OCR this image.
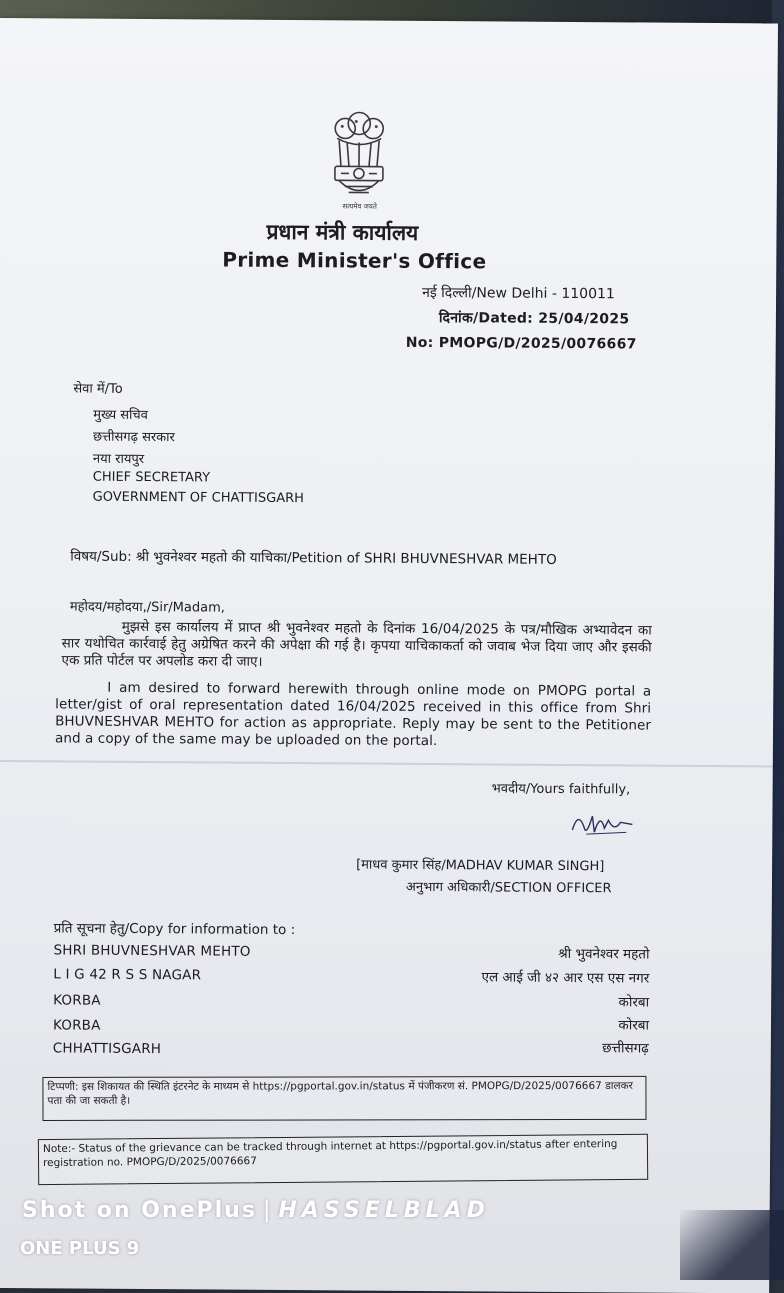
सत्यमेव जयते
प्रधान मंत्री कार्यालय
Prime Minister's Office
नई दिल्ली/New Delhi - 110011
दिनांक/Dated: 25/04/2025
No: PMOPG/D/2025/0076667
सेवा में/To
मुख्य सचिव
छत्तीसगढ़ सरकार
नया रायपुर
CHIEF SECRETARY
GOVERNMENT OF CHATTISGARH
विषय/Sub: श्री भुवनेश्वर महतो की याचिका/Petition of SHRI BHUVNESHVAR MEHTO
महोदय/महोदया,/Sir/Madam,
मुझसे इस कार्यालय में प्राप्त श्री भुवनेश्वर महतो के दिनांक 16/04/2025 के पत्र/मौखिक अभ्यावेदन का सार यथोचित कार्रवाई हेतु अग्रेषित करने की अपेक्षा की गई है। कृपया याचिकाकर्ता को जवाब भेज दिया जाए और इसकी एक प्रति पोर्टल पर अपलोड करा दी जाए।
I am desired to forward herewith through online mode on PMOPG portal a letter/gist of oral representation dated 16/04/2025 received in this office from Shri BHUVNESHVAR MEHTO for action as appropriate. Reply may be sent to the Petitioner and a copy of the same may be uploaded on the portal.
भवदीय/Yours faithfully,
[माधव कुमार सिंह/MADHAV KUMAR SINGH]
अनुभाग अधिकारी/SECTION OFFICER
प्रति सूचना हेतु/Copy for information to :
SHRI BHUVNESHVAR MEHTO
L I G 42 R S S NAGAR
KORBA
KORBA
CHHATTISGARH
श्री भुवनेश्वर महतो
एल आई जी ४२ आर एस एस नगर
कोरबा
कोरबा
छत्तीसगढ़
टिप्पणी: इस शिकायत की स्थिति इंटरनेट के माध्यम से https://pgportal.gov.in/status में पंजीकरण सं. PMOPG/D/2025/0076667 डालकर पता की जा सकती है।
Note:- Status of the grievance can be tracked through internet at https://pgportal.gov.in/status after entering registration no. PMOPG/D/2025/0076667
Shot on OnePlus | HASSELBLAD
ONE PLUS 9
